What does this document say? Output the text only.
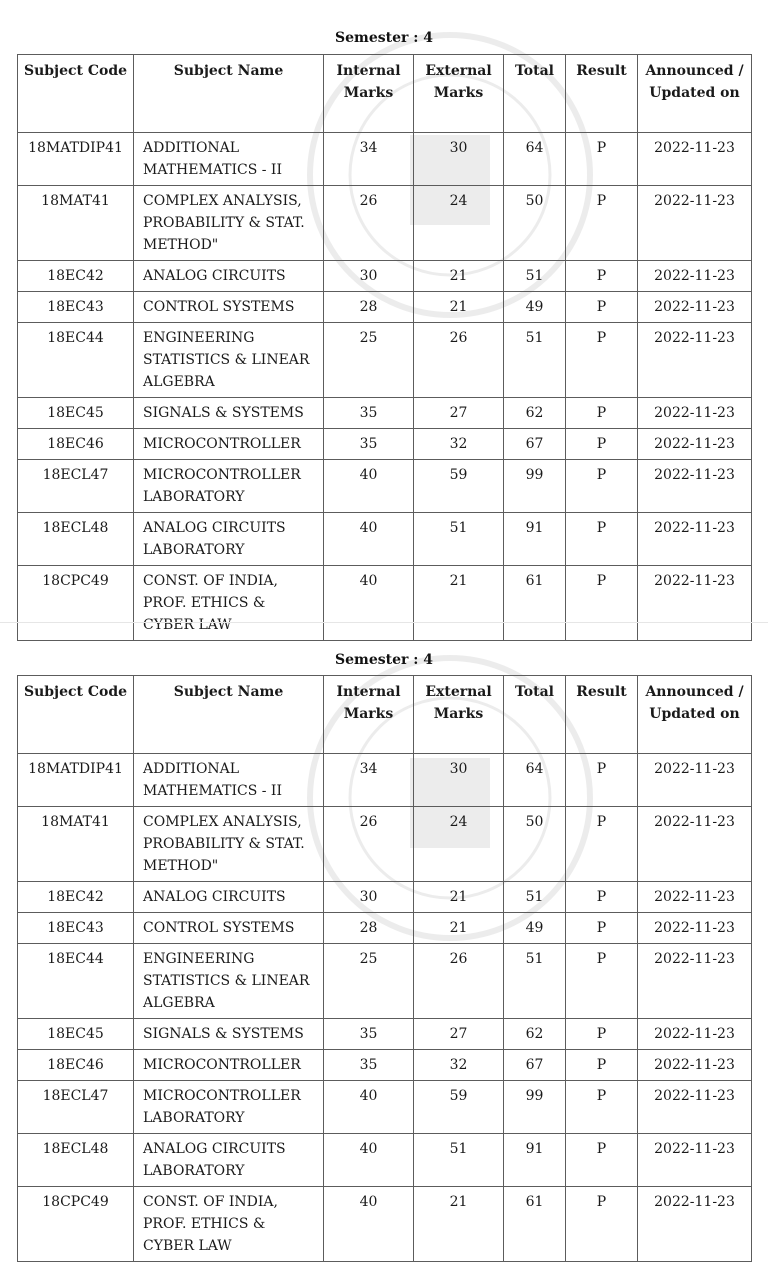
Semester : 4
Subject Code	Subject Name	Internal Marks	External Marks	Total	Result	Announced / Updated on
18MATDIP41	ADDITIONAL MATHEMATICS - II	34	30	64	P	2022-11-23
18MAT41	COMPLEX ANALYSIS, PROBABILITY & STAT. METHOD"	26	24	50	P	2022-11-23
18EC42	ANALOG CIRCUITS	30	21	51	P	2022-11-23
18EC43	CONTROL SYSTEMS	28	21	49	P	2022-11-23
18EC44	ENGINEERING STATISTICS & LINEAR ALGEBRA	25	26	51	P	2022-11-23
18EC45	SIGNALS & SYSTEMS	35	27	62	P	2022-11-23
18EC46	MICROCONTROLLER	35	32	67	P	2022-11-23
18ECL47	MICROCONTROLLER LABORATORY	40	59	99	P	2022-11-23
18ECL48	ANALOG CIRCUITS LABORATORY	40	51	91	P	2022-11-23
18CPC49	CONST. OF INDIA, PROF. ETHICS & CYBER LAW	40	21	61	P	2022-11-23
Semester : 4
Subject Code	Subject Name	Internal Marks	External Marks	Total	Result	Announced / Updated on
18MATDIP41	ADDITIONAL MATHEMATICS - II	34	30	64	P	2022-11-23
18MAT41	COMPLEX ANALYSIS, PROBABILITY & STAT. METHOD"	26	24	50	P	2022-11-23
18EC42	ANALOG CIRCUITS	30	21	51	P	2022-11-23
18EC43	CONTROL SYSTEMS	28	21	49	P	2022-11-23
18EC44	ENGINEERING STATISTICS & LINEAR ALGEBRA	25	26	51	P	2022-11-23
18EC45	SIGNALS & SYSTEMS	35	27	62	P	2022-11-23
18EC46	MICROCONTROLLER	35	32	67	P	2022-11-23
18ECL47	MICROCONTROLLER LABORATORY	40	59	99	P	2022-11-23
18ECL48	ANALOG CIRCUITS LABORATORY	40	51	91	P	2022-11-23
18CPC49	CONST. OF INDIA, PROF. ETHICS & CYBER LAW	40	21	61	P	2022-11-23
